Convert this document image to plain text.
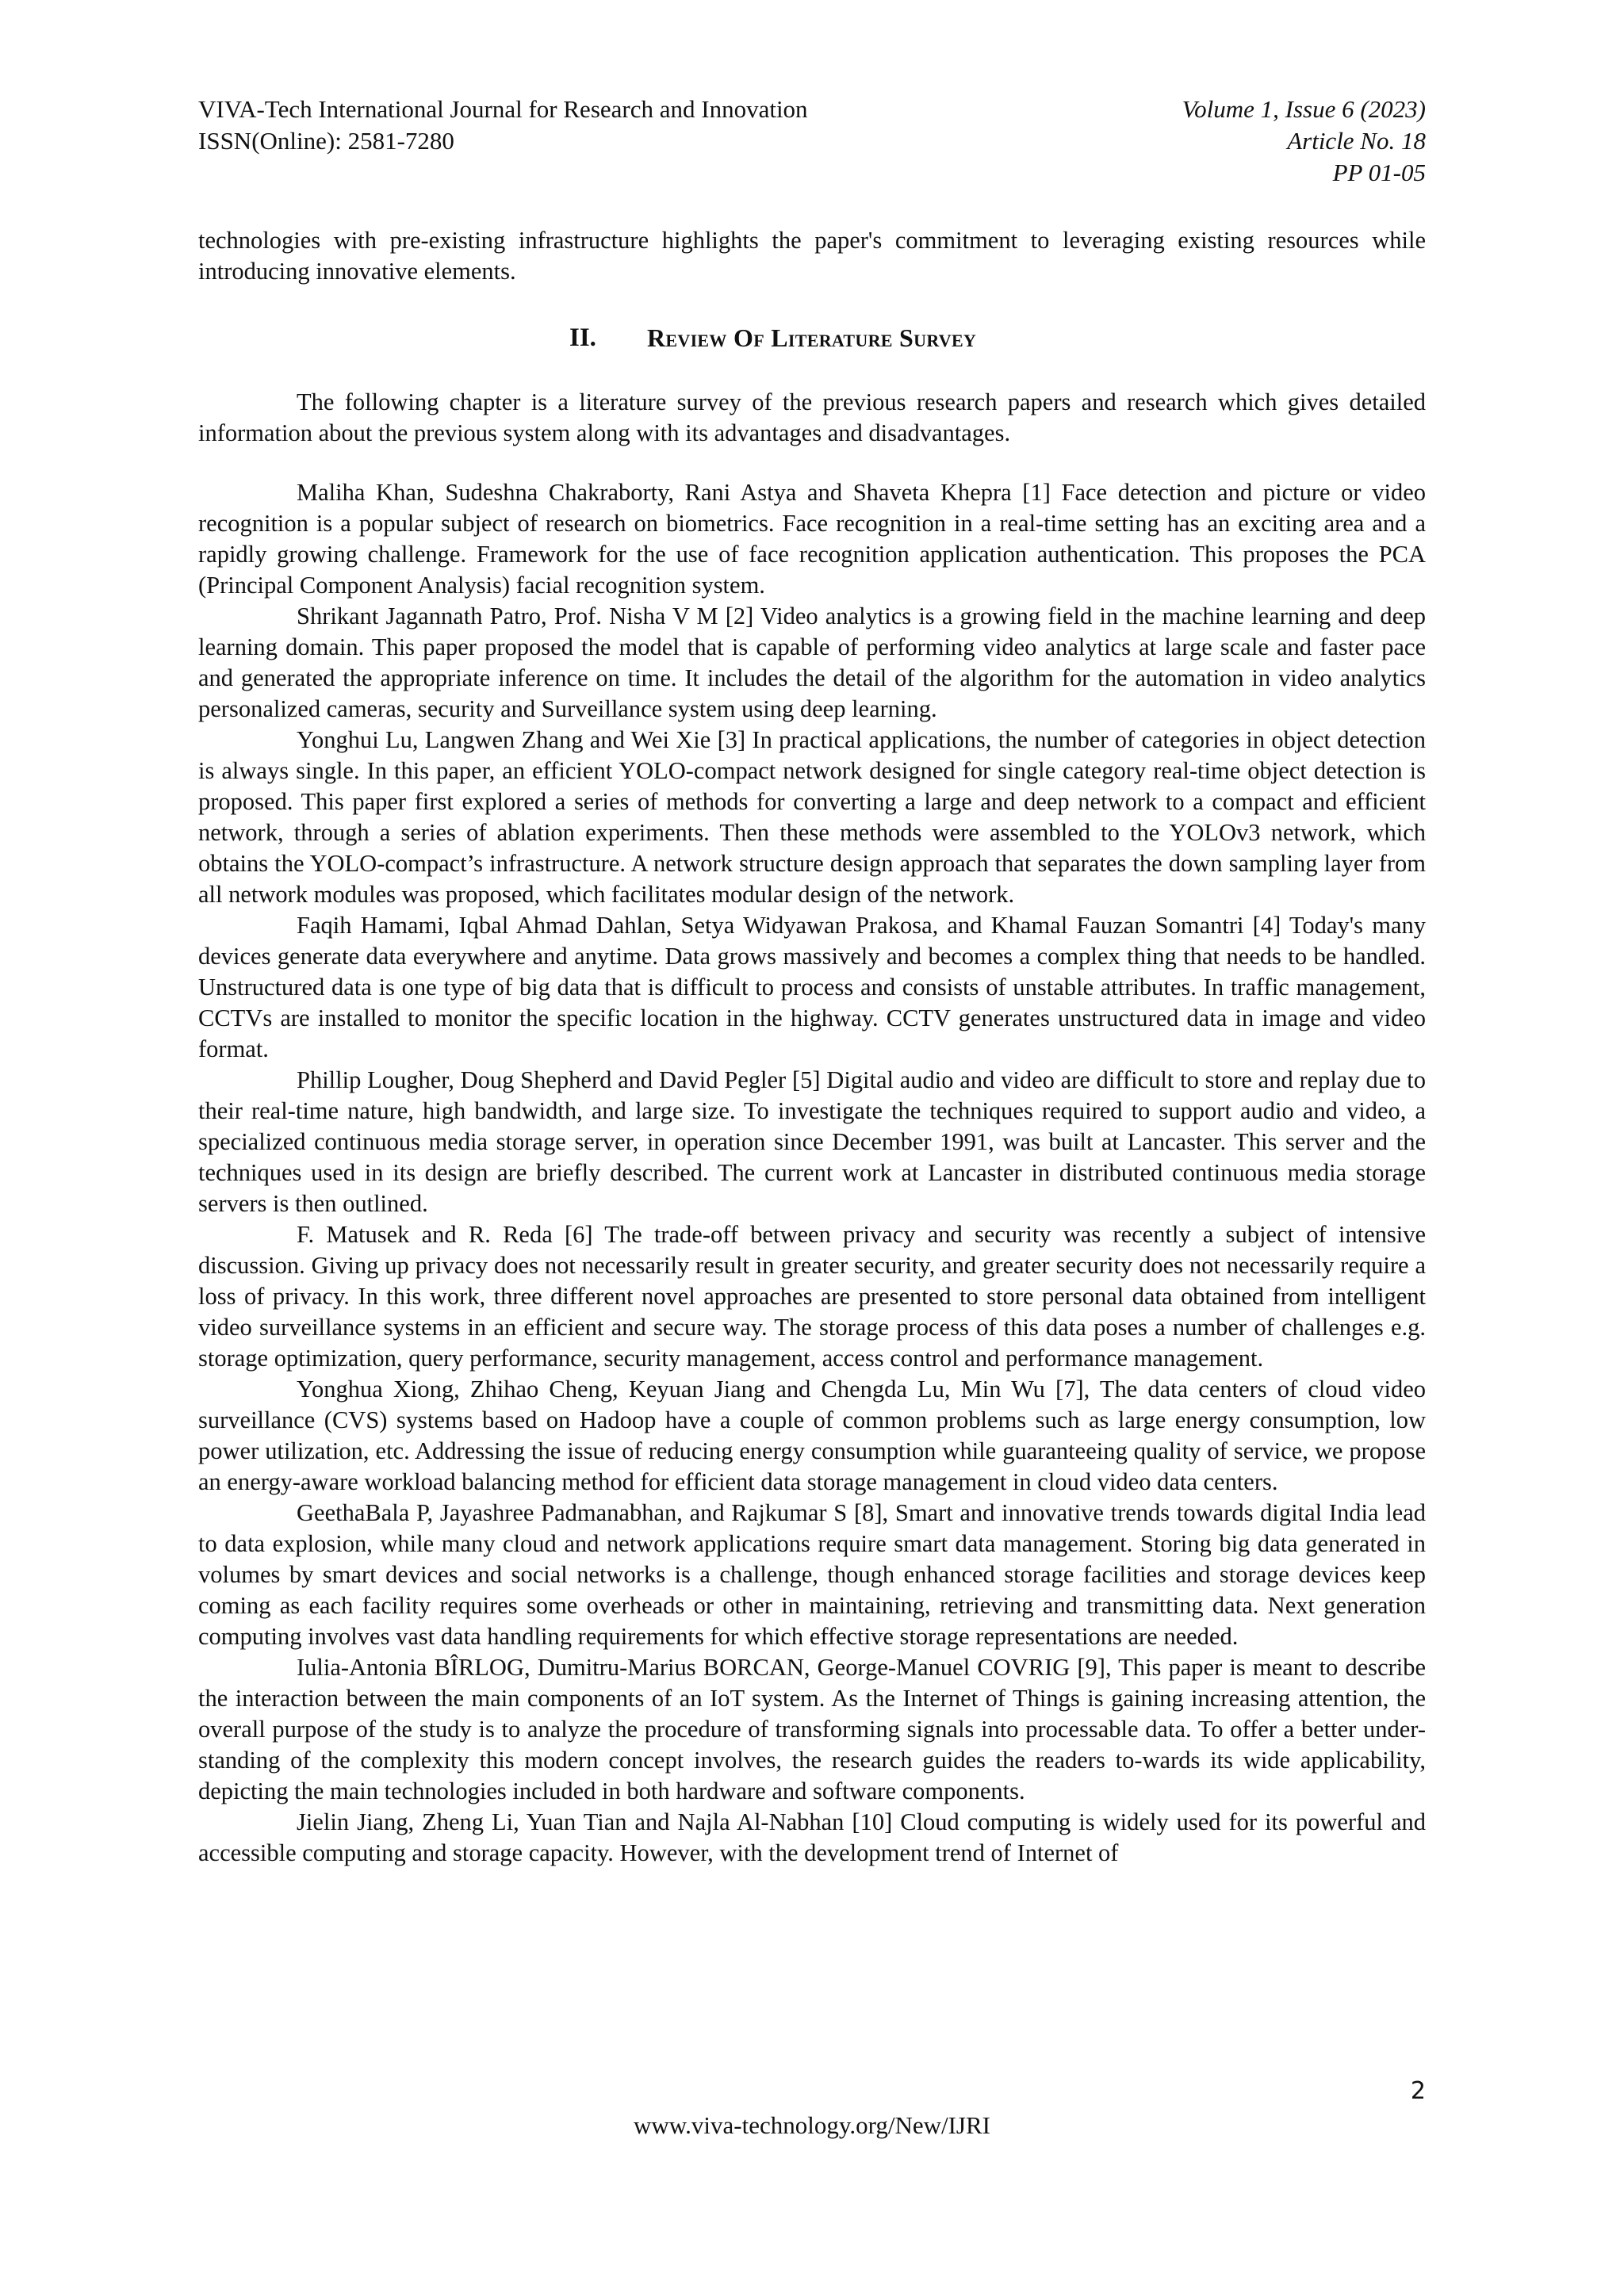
VIVA-Tech International Journal for Research and Innovation
ISSN(Online): 2581-7280
Volume 1, Issue 6 (2023)
Article No. 18
PP 01-05

technologies with pre-existing infrastructure highlights the paper's commitment to leveraging existing resources while introducing innovative elements.

II. Review Of Literature Survey

The following chapter is a literature survey of the previous research papers and research which gives detailed information about the previous system along with its advantages and disadvantages.

Maliha Khan, Sudeshna Chakraborty, Rani Astya and Shaveta Khepra [1] Face detection and picture or video recognition is a popular subject of research on biometrics. Face recognition in a real-time setting has an exciting area and a rapidly growing challenge. Framework for the use of face recognition application authentication. This proposes the PCA (Principal Component Analysis) facial recognition system.

Shrikant Jagannath Patro, Prof. Nisha V M [2] Video analytics is a growing field in the machine learning and deep learning domain. This paper proposed the model that is capable of performing video analytics at large scale and faster pace and generated the appropriate inference on time. It includes the detail of the algorithm for the automation in video analytics personalized cameras, security and Surveillance system using deep learning.

Yonghui Lu, Langwen Zhang and Wei Xie [3] In practical applications, the number of categories in object detection is always single. In this paper, an efficient YOLO-compact network designed for single category real-time object detection is proposed. This paper first explored a series of methods for converting a large and deep network to a compact and efficient network, through a series of ablation experiments. Then these methods were assembled to the YOLOv3 network, which obtains the YOLO-compact’s infrastructure. A network structure design approach that separates the down sampling layer from all network modules was proposed, which facilitates modular design of the network.

Faqih Hamami, Iqbal Ahmad Dahlan, Setya Widyawan Prakosa, and Khamal Fauzan Somantri [4] Today's many devices generate data everywhere and anytime. Data grows massively and becomes a complex thing that needs to be handled. Unstructured data is one type of big data that is difficult to process and consists of unstable attributes. In traffic management, CCTVs are installed to monitor the specific location in the highway. CCTV generates unstructured data in image and video format.

Phillip Lougher, Doug Shepherd and David Pegler [5] Digital audio and video are difficult to store and replay due to their real-time nature, high bandwidth, and large size. To investigate the techniques required to support audio and video, a specialized continuous media storage server, in operation since December 1991, was built at Lancaster. This server and the techniques used in its design are briefly described. The current work at Lancaster in distributed continuous media storage servers is then outlined.

F. Matusek and R. Reda [6] The trade-off between privacy and security was recently a subject of intensive discussion. Giving up privacy does not necessarily result in greater security, and greater security does not necessarily require a loss of privacy. In this work, three different novel approaches are presented to store personal data obtained from intelligent video surveillance systems in an efficient and secure way. The storage process of this data poses a number of challenges e.g. storage optimization, query performance, security management, access control and performance management.

Yonghua Xiong, Zhihao Cheng, Keyuan Jiang and Chengda Lu, Min Wu [7], The data centers of cloud video surveillance (CVS) systems based on Hadoop have a couple of common problems such as large energy consumption, low power utilization, etc. Addressing the issue of reducing energy consumption while guaranteeing quality of service, we propose an energy-aware workload balancing method for efficient data storage management in cloud video data centers.

GeethaBala P, Jayashree Padmanabhan, and Rajkumar S [8], Smart and innovative trends towards digital India lead to data explosion, while many cloud and network applications require smart data management. Storing big data generated in volumes by smart devices and social networks is a challenge, though enhanced storage facilities and storage devices keep coming as each facility requires some overheads or other in maintaining, retrieving and transmitting data. Next generation computing involves vast data handling requirements for which effective storage representations are needed.

Iulia-Antonia BÎRLOG, Dumitru-Marius BORCAN, George-Manuel COVRIG [9], This paper is meant to describe the interaction between the main components of an IoT system. As the Internet of Things is gaining increasing attention, the overall purpose of the study is to analyze the procedure of transforming signals into processable data. To offer a better under-standing of the complexity this modern concept involves, the research guides the readers to-wards its wide applicability, depicting the main technologies included in both hardware and software components.

Jielin Jiang, Zheng Li, Yuan Tian and Najla Al-Nabhan [10] Cloud computing is widely used for its powerful and accessible computing and storage capacity. However, with the development trend of Internet of

2
www.viva-technology.org/New/IJRI
